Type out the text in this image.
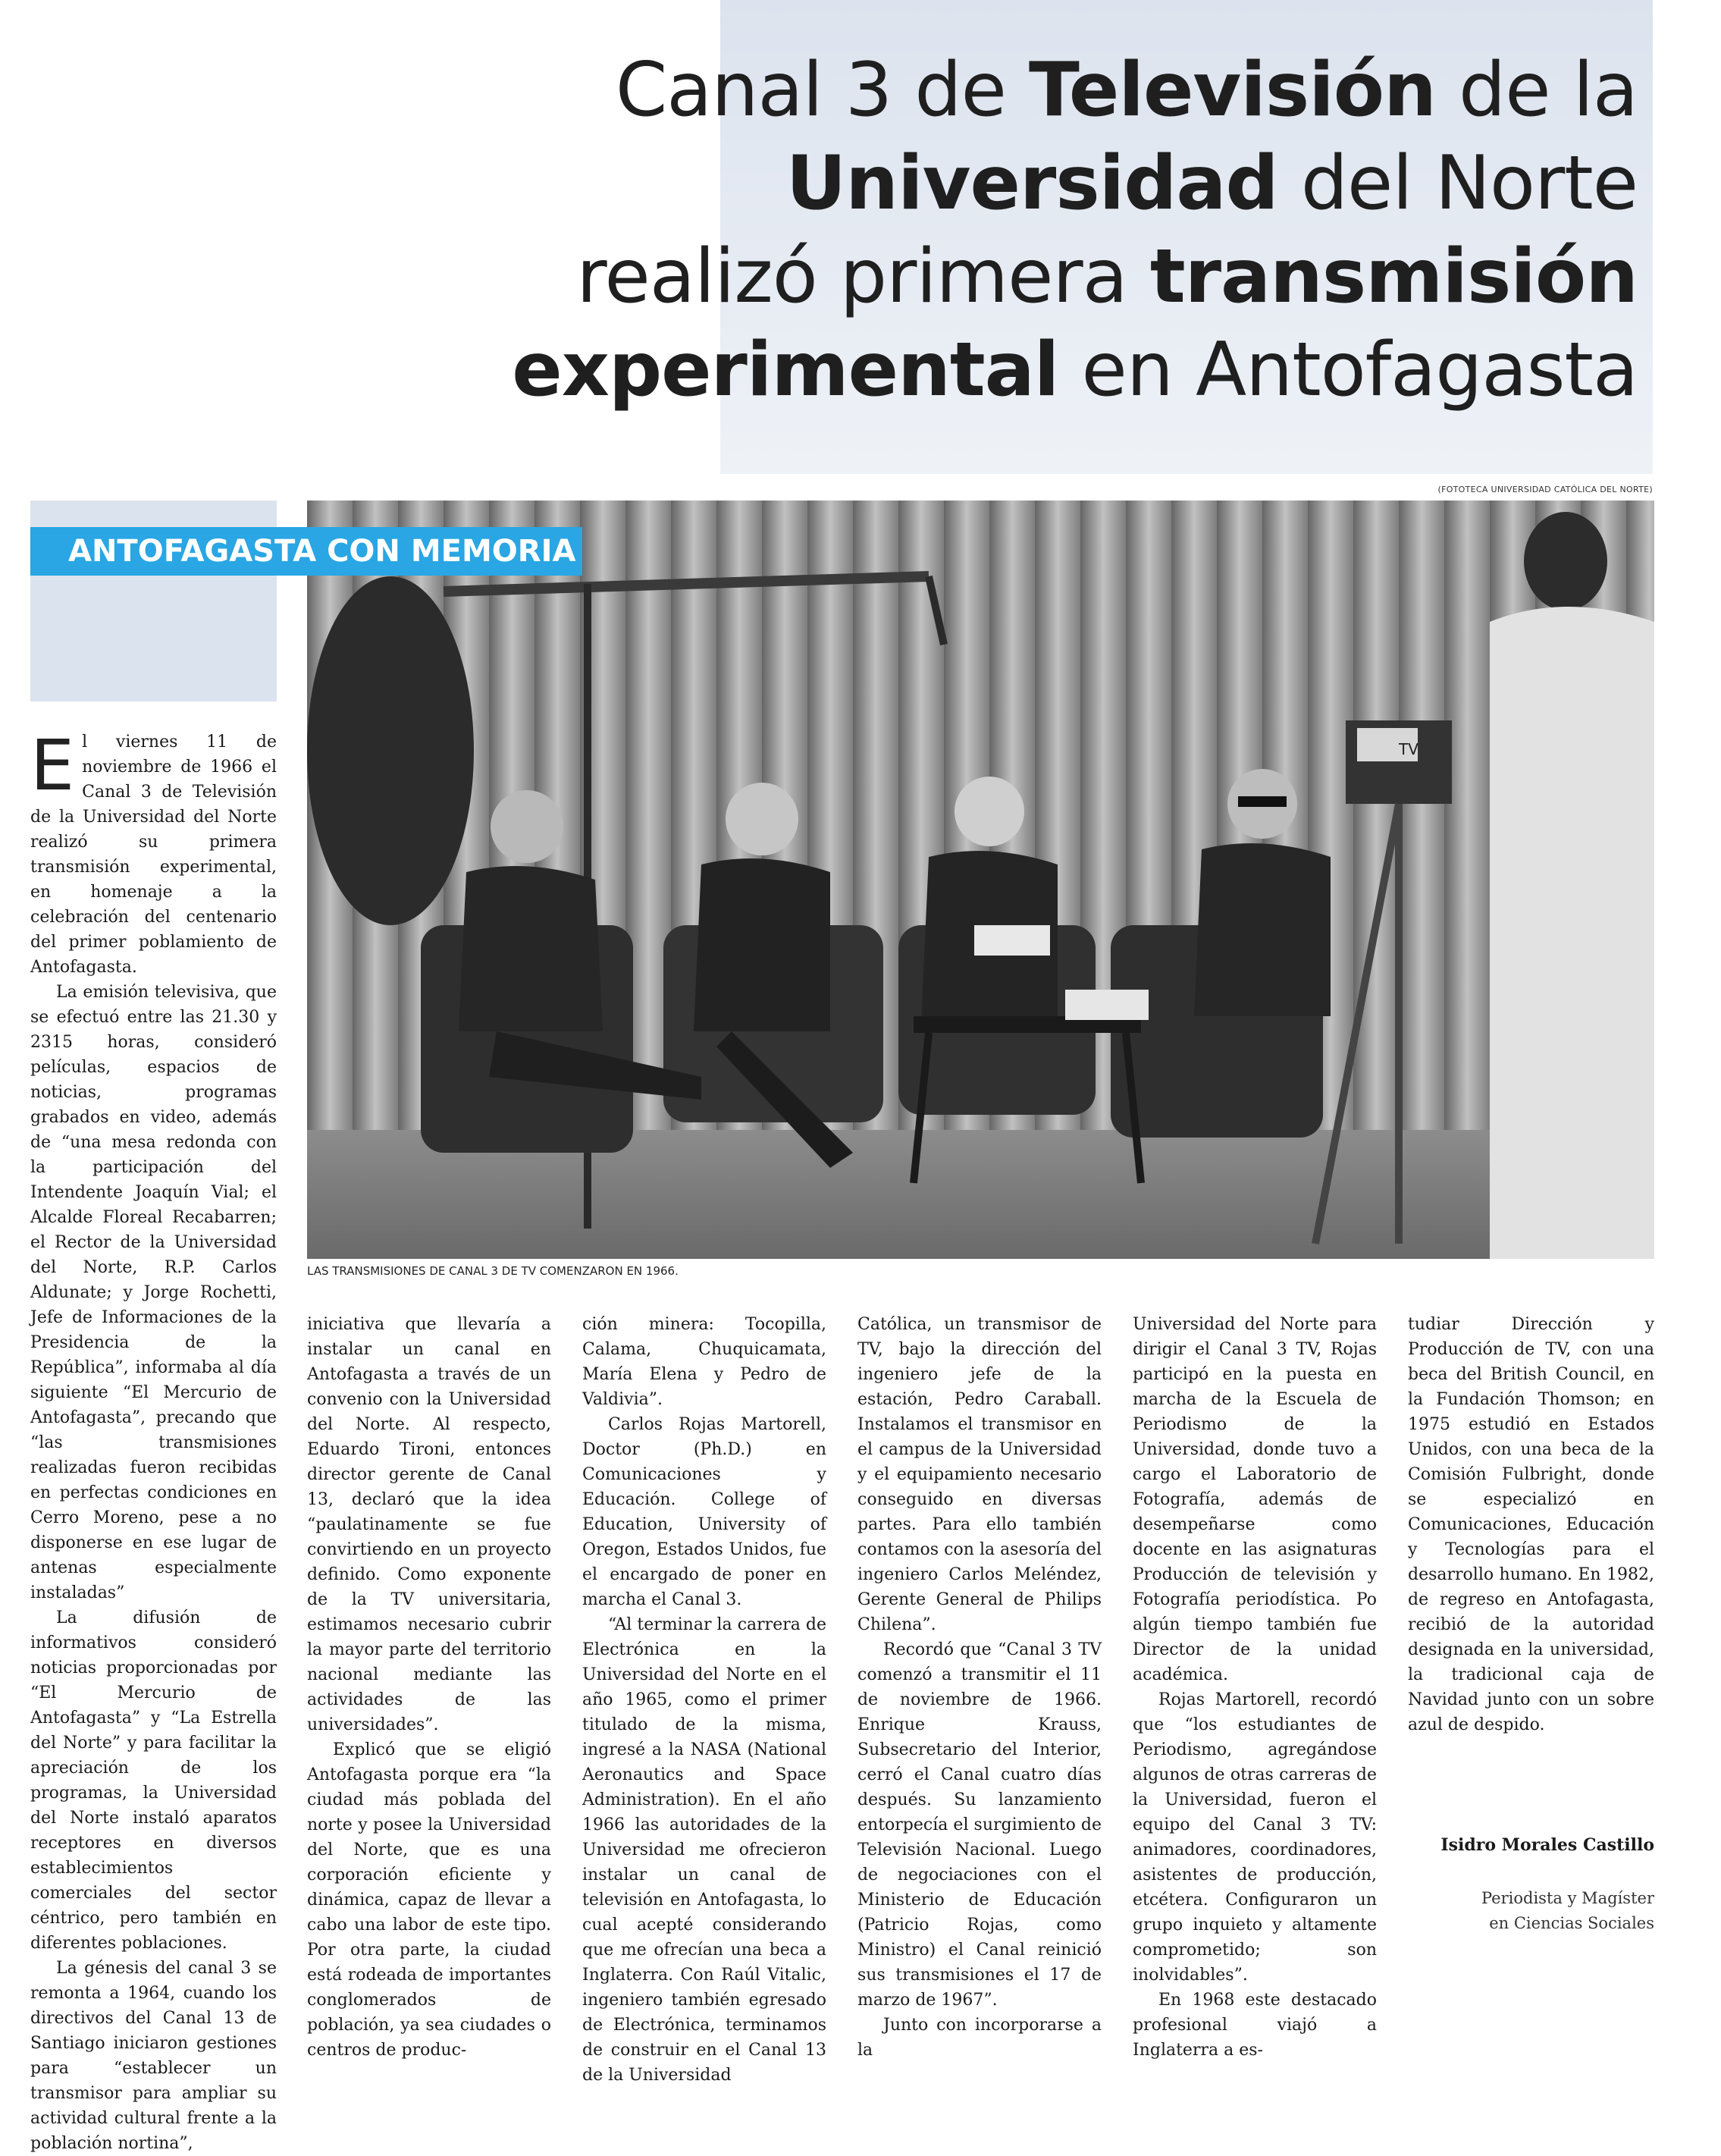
Canal 3 de Televisión de la
Universidad del Norte
realizó primera transmisión
experimental en Antofagasta
(FOTOTECA UNIVERSIDAD CATÓLICA DEL NORTE)
ANTOFAGASTA CON MEMORIA
TV
LAS TRANSMISIONES DE CANAL 3 DE TV COMENZARON EN 1966.

El viernes 11 de noviembre de 1966 el Canal 3 de Televisión de la Universidad del Norte realizó su primera transmisión experimental, en homenaje a la celebración del centenario del primer poblamiento de Antofagasta.

La emisión televisiva, que se efectuó entre las 21.30 y 2315 horas, consideró películas, espacios de noticias, programas grabados en video, además de “una mesa redonda con la participación del Intendente Joaquín Vial; el Alcalde Floreal Recabarren; el Rector de la Universidad del Norte, R.P. Carlos Aldunate; y Jorge Rochetti, Jefe de Informaciones de la Presidencia de la República”, informaba al día siguiente “El Mercurio de Antofagasta”, precando que “las transmisiones realizadas fueron recibidas en perfectas condiciones en Cerro Moreno, pese a no disponerse en ese lugar de antenas especialmente instaladas”

La difusión de informativos consideró noticias proporcionadas por “El Mercurio de Antofagasta” y “La Estrella del Norte” y para facilitar la apreciación de los programas, la Universidad del Norte instaló aparatos receptores en diversos establecimientos comerciales del sector céntrico, pero también en diferentes poblaciones.

La génesis del canal 3 se remonta a 1964, cuando los directivos del Canal 13 de Santiago iniciaron gestiones para “establecer un transmisor para ampliar su actividad cultural frente a la población nortina”,

iniciativa que llevaría a instalar un canal en Antofagasta a través de un convenio con la Universidad del Norte. Al respecto, Eduardo Tironi, entonces director gerente de Canal 13, declaró que la idea “paulatinamente se fue convirtiendo en un proyecto definido. Como exponente de la TV universitaria, estimamos necesario cubrir la mayor parte del territorio nacional mediante las actividades de las universidades”.

Explicó que se eligió Antofagasta porque era “la ciudad más poblada del norte y posee la Universidad del Norte, que es una corporación eficiente y dinámica, capaz de llevar a cabo una labor de este tipo. Por otra parte, la ciudad está rodeada de importantes conglomerados de población, ya sea ciudades o centros de produc-

ción minera: Tocopilla, Calama, Chuquicamata, María Elena y Pedro de Valdivia”.

Carlos Rojas Martorell, Doctor (Ph.D.) en Comunicaciones y Educación. College of Education, University of Oregon, Estados Unidos, fue el encargado de poner en marcha el Canal 3.

“Al terminar la carrera de Electrónica en la Universidad del Norte en el año 1965, como el primer titulado de la misma, ingresé a la NASA (National Aeronautics and Space Administration). En el año 1966 las autoridades de la Universidad me ofrecieron instalar un canal de televisión en Antofagasta, lo cual acepté considerando que me ofrecían una beca a Inglaterra. Con Raúl Vitalic, ingeniero también egresado de Electrónica, terminamos de construir en el Canal 13 de la Universidad

Católica, un transmisor de TV, bajo la dirección del ingeniero jefe de la estación, Pedro Caraball. Instalamos el transmisor en el campus de la Universidad y el equipamiento necesario conseguido en diversas partes. Para ello también contamos con la asesoría del ingeniero Carlos Meléndez, Gerente General de Philips Chilena”.

Recordó que “Canal 3 TV comenzó a transmitir el 11 de noviembre de 1966. Enrique Krauss, Subsecretario del Interior, cerró el Canal cuatro días después. Su lanzamiento entorpecía el surgimiento de Televisión Nacional. Luego de negociaciones con el Ministerio de Educación (Patricio Rojas, como Ministro) el Canal reinició sus transmisiones el 17 de marzo de 1967”.

Junto con incorporarse a la

Universidad del Norte para dirigir el Canal 3 TV, Rojas participó en la puesta en marcha de la Escuela de Periodismo de la Universidad, donde tuvo a cargo el Laboratorio de Fotografía, además de desempeñarse como docente en las asignaturas Producción de televisión y Fotografía periodística. Po algún tiempo también fue Director de la unidad académica.

Rojas Martorell, recordó que “los estudiantes de Periodismo, agregándose algunos de otras carreras de la Universidad, fueron el equipo del Canal 3 TV: animadores, coordinadores, asistentes de producción, etcétera. Configuraron un grupo inquieto y altamente comprometido; son inolvidables”.

En 1968 este destacado profesional viajó a Inglaterra a es-

tudiar Dirección y Producción de TV, con una beca del British Council, en la Fundación Thomson; en 1975 estudió en Estados Unidos, con una beca de la Comisión Fulbright, donde se especializó en Comunicaciones, Educación y Tecnologías para el desarrollo humano. En 1982, de regreso en Antofagasta, recibió de la autoridad designada en la universidad, la tradicional caja de Navidad junto con un sobre azul de despido.

Isidro Morales Castillo
Periodista y Magíster
en Ciencias Sociales
